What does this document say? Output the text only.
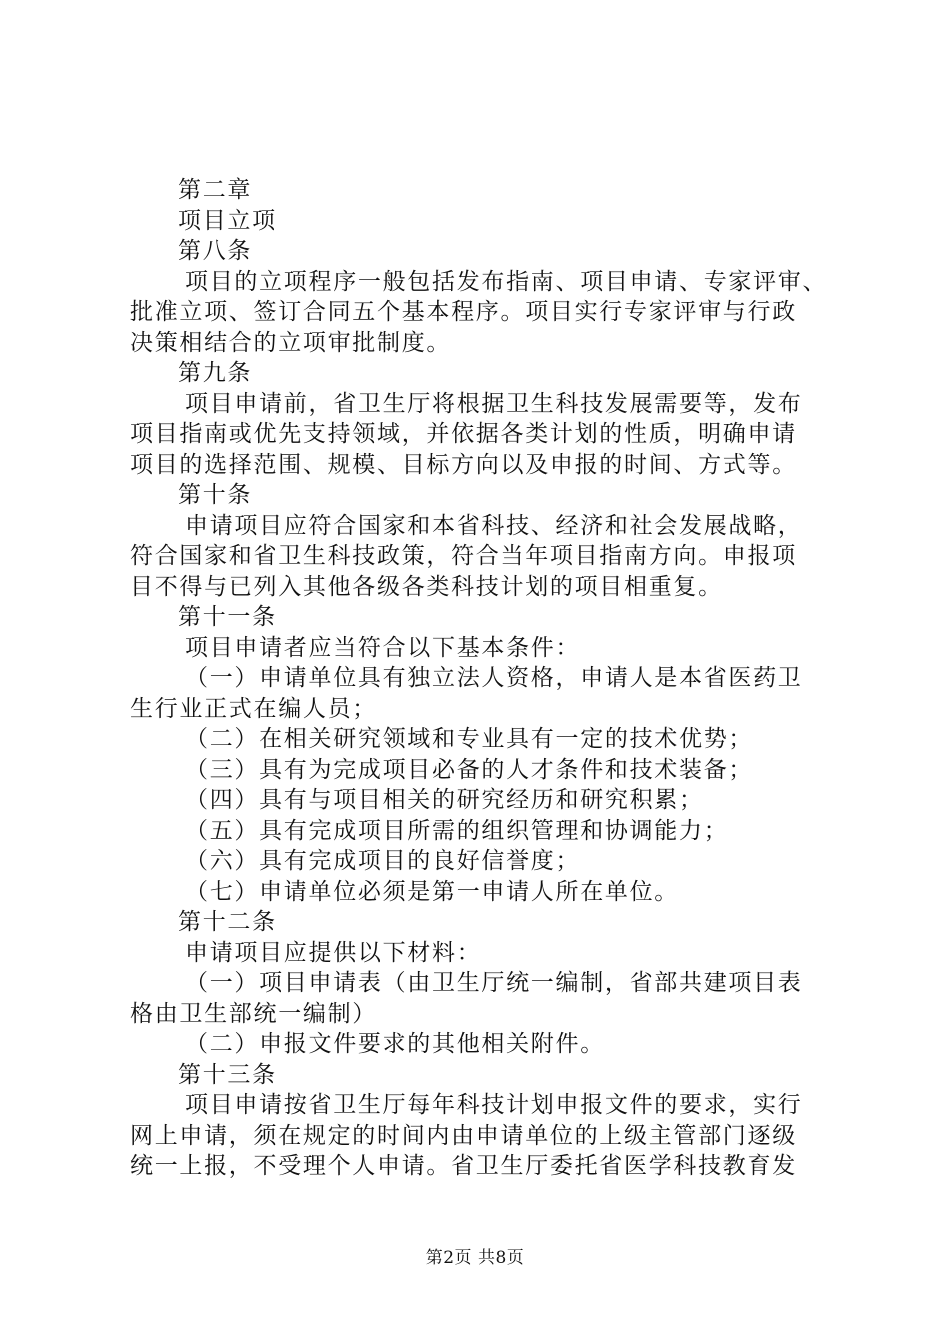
第二章
项目立项
第八条
项目的立项程序一般包括发布指南、项目申请、专家评审、
批准立项、签订合同五个基本程序。项目实行专家评审与行政
决策相结合的立项审批制度。
第九条
项目申请前，省卫生厅将根据卫生科技发展需要等，发布
项目指南或优先支持领域，并依据各类计划的性质，明确申请
项目的选择范围、规模、目标方向以及申报的时间、方式等。
第十条
申请项目应符合国家和本省科技、经济和社会发展战略，
符合国家和省卫生科技政策，符合当年项目指南方向。申报项
目不得与已列入其他各级各类科技计划的项目相重复。
第十一条
项目申请者应当符合以下基本条件：
（一）申请单位具有独立法人资格，申请人是本省医药卫
生行业正式在编人员；
（二）在相关研究领域和专业具有一定的技术优势；
（三）具有为完成项目必备的人才条件和技术装备；
（四）具有与项目相关的研究经历和研究积累；
（五）具有完成项目所需的组织管理和协调能力；
（六）具有完成项目的良好信誉度；
（七）申请单位必须是第一申请人所在单位。
第十二条
申请项目应提供以下材料：
（一）项目申请表（由卫生厅统一编制，省部共建项目表
格由卫生部统一编制）
（二）申报文件要求的其他相关附件。
第十三条
项目申请按省卫生厅每年科技计划申报文件的要求，实行
网上申请，须在规定的时间内由申请单位的上级主管部门逐级
统一上报，不受理个人申请。省卫生厅委托省医学科技教育发
第2页 共8页
